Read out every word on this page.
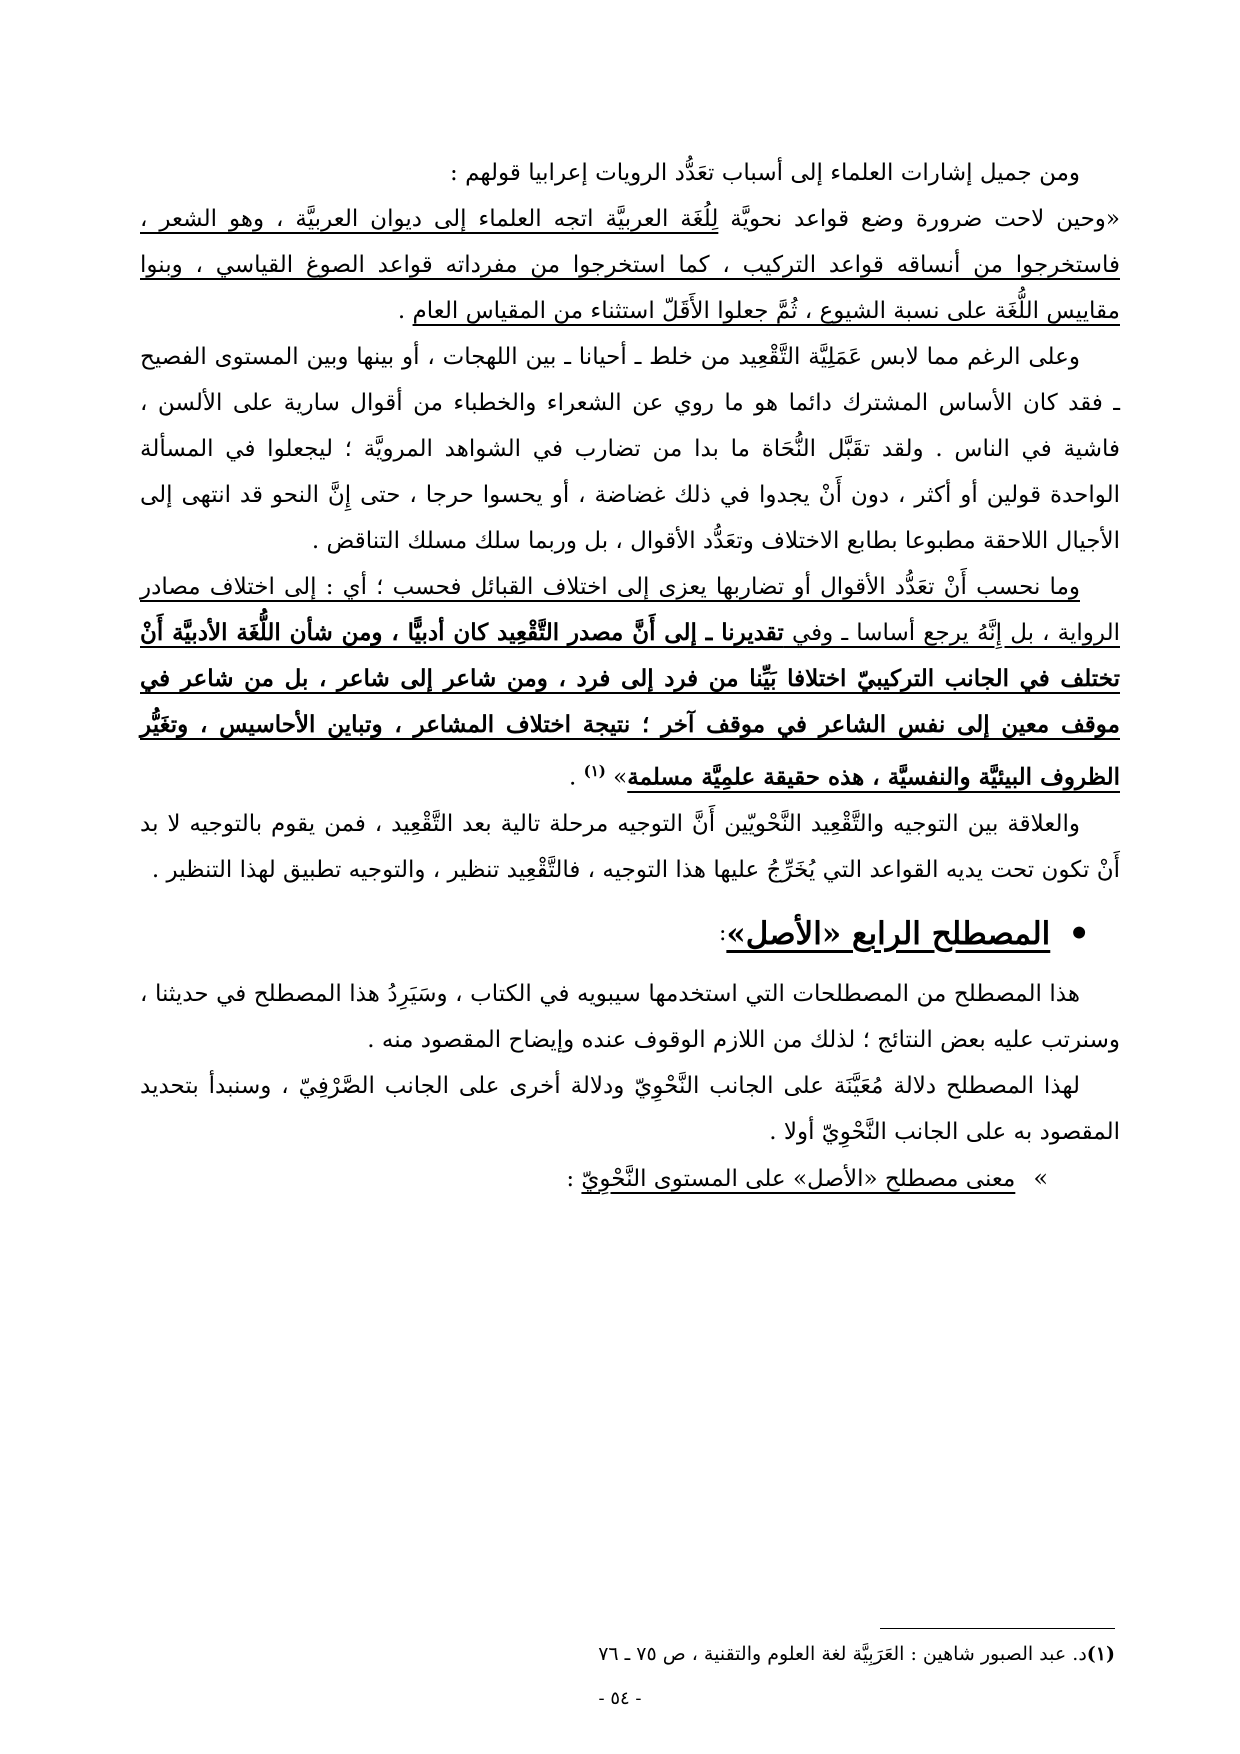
ومن جميل إشارات العلماء إلى أسباب تعَدُّد الرويات إعرابيا قولهم :

« وحين لاحت ضرورة وضع قواعد نحويَّة لِلُغَة العربيَّة اتجه العلماء إلى ديوان العربيَّة ، وهو الشعر ، فاستخرجوا من أنساقه قواعد التركيب ، كما استخرجوا من مفرداته قواعد الصوغ القياسي ، وبنوا مقاييس اللُّغَة على نسبة الشيوع ، ثُمَّ جعلوا الأَقَلّ استثناء من المقياس العام .

وعلى الرغم مما لابس عَمَلِيَّة التَّقْعِيد من خلط ـ أحيانا ـ بين اللهجات ، أو بينها وبين المستوى الفصيح ـ فقد كان الأساس المشترك دائما هو ما روي عن الشعراء والخطباء من أقوال سارية على الألسن ، فاشية في الناس . ولقد تقَبَّل النُّحَاة ما بدا من تضارب في الشواهد المرويَّة ؛ ليجعلوا في المسألة الواحدة قولين أو أكثر ، دون أَنْ يجدوا في ذلك غضاضة ، أو يحسوا حرجا ، حتى إِنَّ النحو قد انتهى إلى الأجيال اللاحقة مطبوعا بطابع الاختلاف وتعَدُّد الأقوال ، بل وربما سلك مسلك التناقض .

وما نحسب أَنْ تعَدُّد الأقوال أو تضاربها يعزى إلى اختلاف القبائل فحسب ؛ أي : إلى اختلاف مصادر الرواية ، بل إِنَّهُ يرجع أساسا ـ وفي تقديرنا ـ إلى أَنَّ مصدر التَّقْعِيد كان أدبيًّا ، ومن شأن اللُّغَة الأدبيَّة أَنْ تختلف في الجانب التركيبيّ اختلافا بَيِّنا من فرد إلى فرد ، ومن شاعر إلى شاعر ، بل من شاعر في موقف معين إلى نفس الشاعر في موقف آخر ؛ نتيجة اختلاف المشاعر ، وتباين الأحاسيس ، وتغَيُّر الظروف البيئيَّة والنفسيَّة ، هذه حقيقة علمِيَّة مسلمة» $^{(١)}$ .

والعلاقة بين التوجيه والتَّقْعِيد النَّحْويّين أَنَّ التوجيه مرحلة تالية بعد التَّقْعِيد ، فمن يقوم بالتوجيه لا بد أَنْ تكون تحت يديه القواعد التي يُخَرِّجُ عليها هذا التوجيه ، فالتَّقْعِيد تنظير ، والتوجيه تطبيق لهذا التنظير .

•
المصطلح الرابع «الأصل»
:

هذا المصطلح من المصطلحات التي استخدمها سيبويه في الكتاب ، وسَيَرِدُ هذا المصطلح في حديثنا ، وسنرتب عليه بعض النتائج ؛ لذلك من اللازم الوقوف عنده وإيضاح المقصود منه .

لهذا المصطلح دلالة مُعَيَّنَة على الجانب النَّحْوِيّ ودلالة أخرى على الجانب الصَّرْفِيّ ، وسنبدأ بتحديد المقصود به على الجانب النَّحْوِيّ أولا .

»
معنى مصطلح «الأصل» على المستوى النَّحْوِيّ :
(١)د. عبد الصبور شاهين : العَرَبِيَّة لغة العلوم والتقنية ، ص ٧٥ ـ ٧٦
- ٥٤ -
